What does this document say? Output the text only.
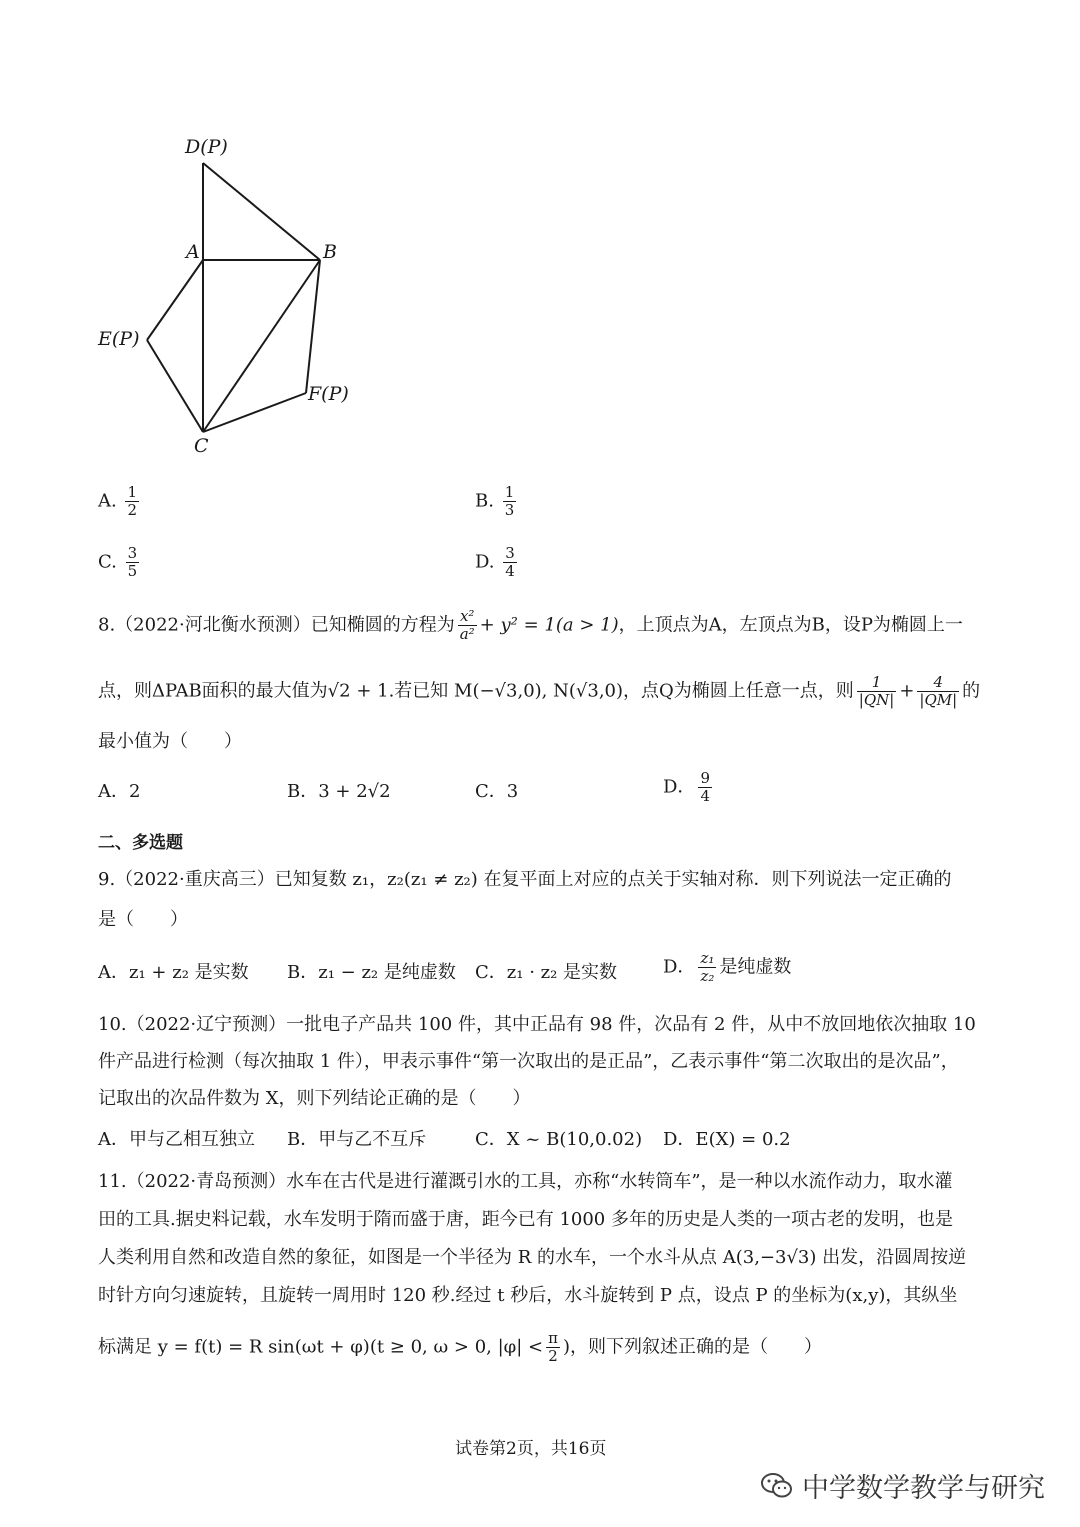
D(P)
A	B
E(P)
F(P)
C
A. $\frac{1}{2}$	B. $\frac{1}{3}$
C. $\frac{3}{5}$	D. $\frac{3}{4}$
8.（2022·河北衡水预测）已知椭圆的方程为 $\frac{\text{x²}}{\text{a²}} + y^2 = 1(a > 1)$，上顶点为A，左顶点为B，设P为椭圆上一
点，则ΔPAB面积的最大值为√2 + 1.若已知 M(−√3,0), N(√3,0)，点Q为椭圆上任意一点，则 $\frac{1}{|QN|} + \frac{4}{|QM|}$ 的
最小值为（　　）
A．2	B．3 + 2√2	C．3	D． $\frac{9}{4}$
二、多选题
9.（2022·重庆高三）已知复数 z₁，z₂(z₁ ≠ z₂) 在复平面上对应的点关于实轴对称．则下列说法一定正确的
是（　　）
A．z₁ + z₂ 是实数 B．z₁ − z₂ 是纯虚数 C．z₁ · z₂ 是实数	D． $\frac{\text{z₁}}{\text{z₂}}$ 是纯虚数
10.（2022·辽宁预测）一批电子产品共 100 件，其中正品有 98 件，次品有 2 件，从中不放回地依次抽取 10
件产品进行检测（每次抽取 1 件），甲表示事件“第一次取出的是正品”，乙表示事件“第二次取出的是次品”，
记取出的次品件数为 X，则下列结论正确的是（　　）
A．甲与乙相互独立 B．甲与乙不互斥	C．X ~ B(10,0.02) D．E(X) = 0.2
11.（2022·青岛预测）水车在古代是进行灌溉引水的工具，亦称“水转筒车”，是一种以水流作动力，取水灌
田的工具.据史料记载，水车发明于隋而盛于唐，距今已有 1000 多年的历史是人类的一项古老的发明，也是
人类利用自然和改造自然的象征，如图是一个半径为 R 的水车，一个水斗从点 A(3,−3√3) 出发，沿圆周按逆
时针方向匀速旋转，且旋转一周用时 120 秒.经过 t 秒后，水斗旋转到 P 点，设点 P 的坐标为(x,y)，其纵坐
标满足 y = f(t) = R sin(ωt + φ)(t ≥ 0, ω > 0, $|\varphi| < \frac{\pi}{2}$ )，则下列叙述正确的是（　　）
试卷第2页，共16页
中学数学教学与研究
